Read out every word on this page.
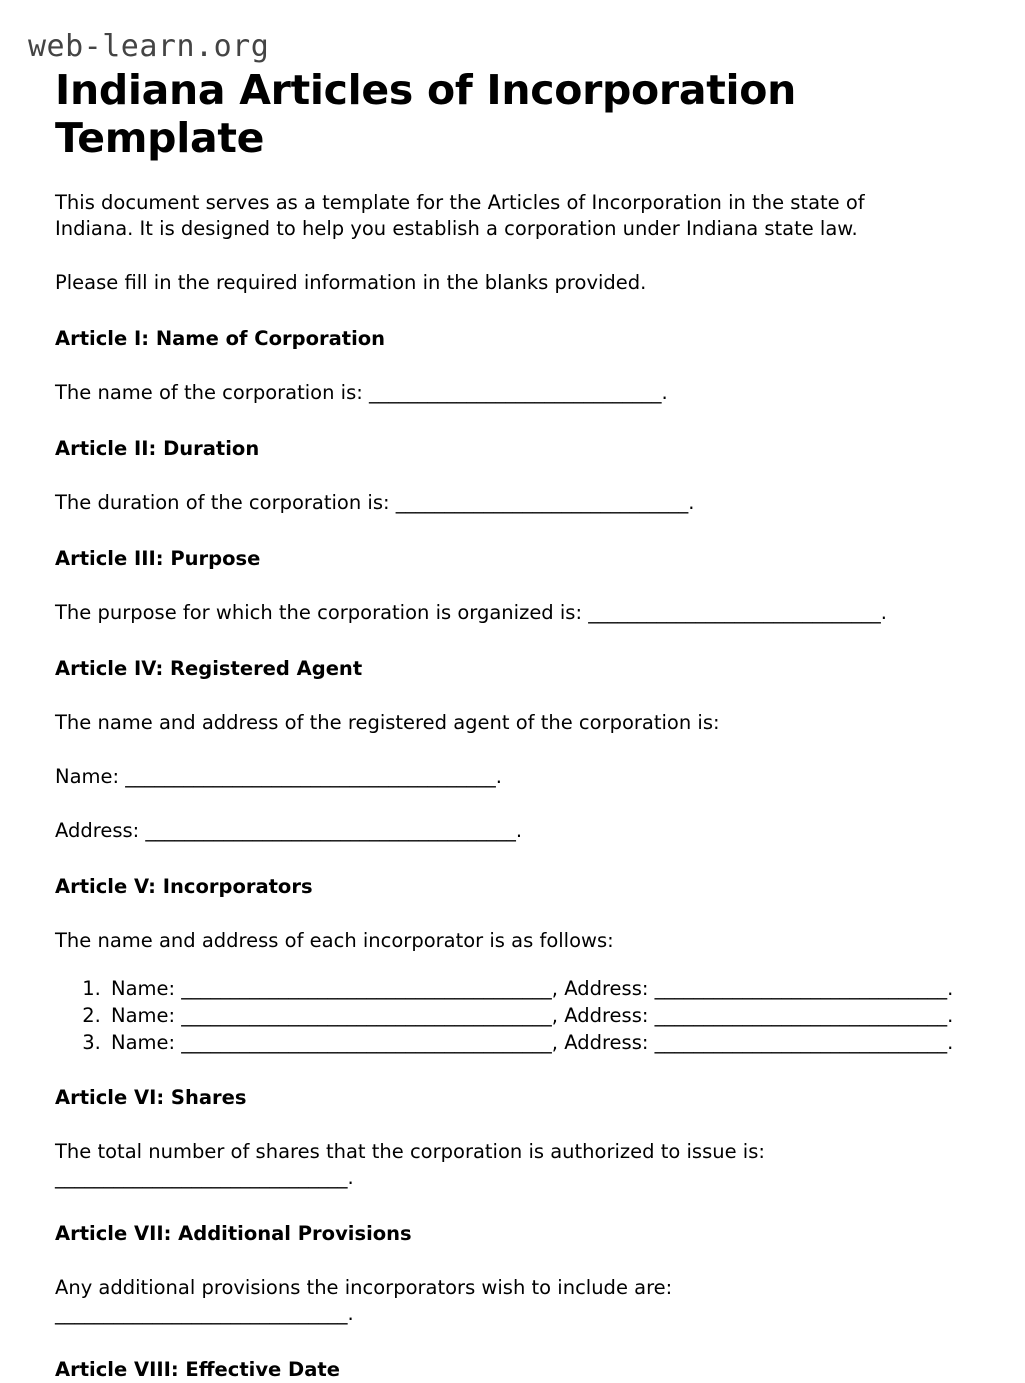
web-learn.org
Indiana Articles of Incorporation Template

This document serves as a template for the Articles of Incorporation in the state of Indiana. It is designed to help you establish a corporation under Indiana state law.

Please fill in the required information in the blanks provided.

Article I: Name of Corporation

The name of the corporation is: ______________________________.

Article II: Duration

The duration of the corporation is: ______________________________.

Article III: Purpose

The purpose for which the corporation is organized is: ______________________________.

Article IV: Registered Agent

The name and address of the registered agent of the corporation is:

Name: ______________________________________.

Address: ______________________________________.

Article V: Incorporators

The name and address of each incorporator is as follows:

1. Name: ______________________________________, Address: ______________________________.
2. Name: ______________________________________, Address: ______________________________.
3. Name: ______________________________________, Address: ______________________________.
Article VI: Shares

The total number of shares that the corporation is authorized to issue is: ______________________________.

Article VII: Additional Provisions

Any additional provisions the incorporators wish to include are: ______________________________.

Article VIII: Effective Date
